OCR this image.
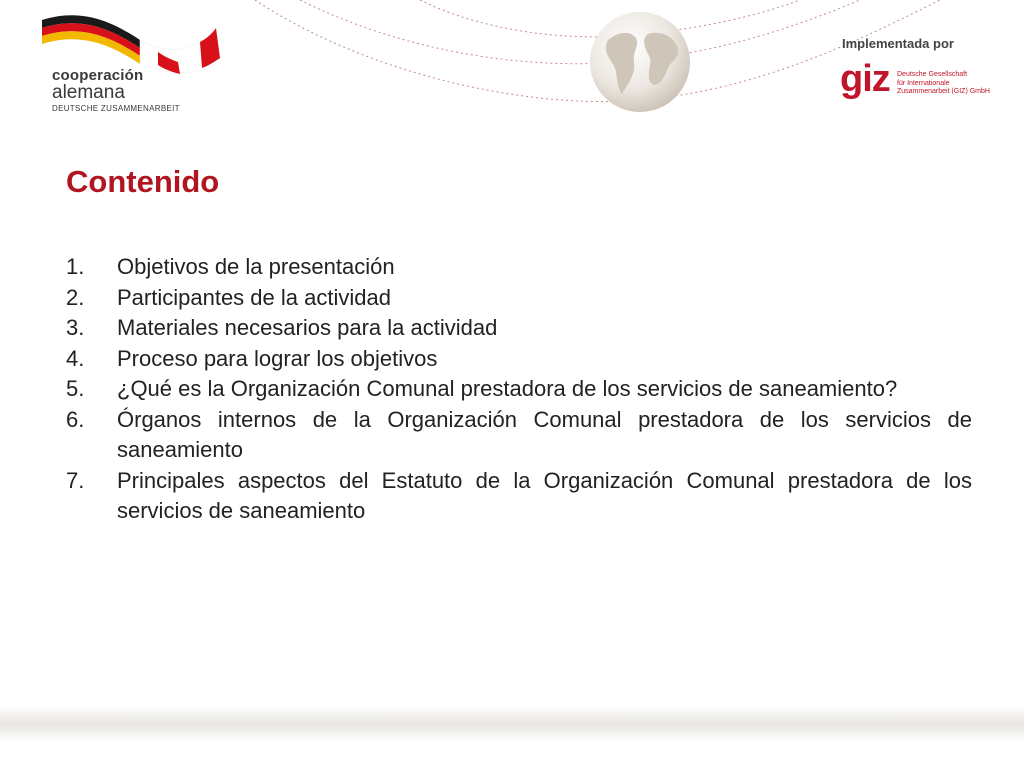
cooperación
alemana
DEUTSCHE ZUSAMMENARBEIT
Implementada por
giz Deutsche Gesellschaft
für Internationale
Zusammenarbeit (GIZ) GmbH
Contenido
1. Objetivos de la presentación
2. Participantes de la actividad
3. Materiales necesarios para la actividad
4. Proceso para lograr los objetivos
5. ¿Qué es la Organización Comunal prestadora de los servicios de saneamiento?
6. Órganos internos de la Organización Comunal prestadora de los servicios de saneamiento
7. Principales aspectos del Estatuto de la Organización Comunal prestadora de los servicios de saneamiento
